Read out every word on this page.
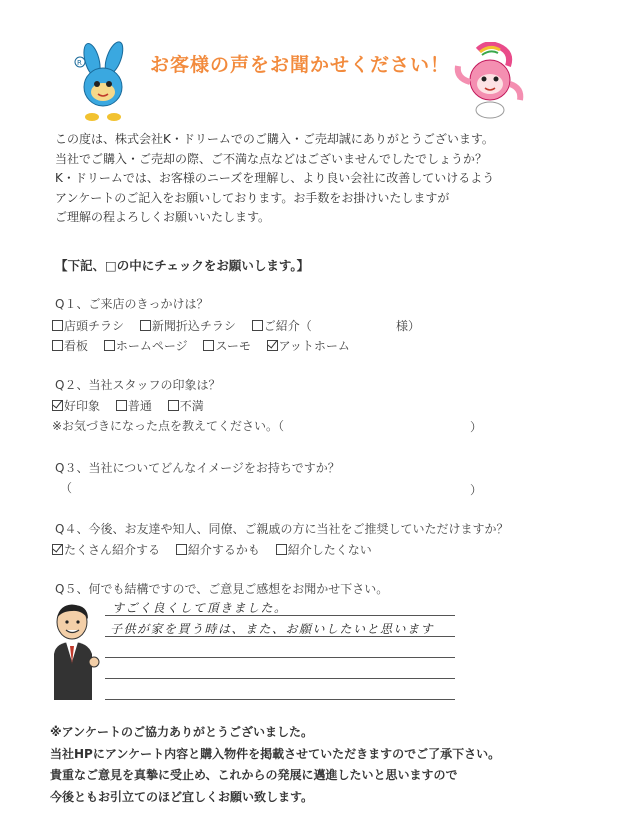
R	お客様の声をお聞かせください！
この度は、株式会社K・ドリームでのご購入・ご売却誠にありがとうございます。
当社でご購入・ご売却の際、ご不満な点などはございませんでしたでしょうか？
K・ドリームでは、お客様のニーズを理解し、より良い会社に改善していけるよう
アンケートのご記入をお願いしております。お手数をお掛けいたしますが
ご理解の程よろしくお願いいたします。
【下記、□の中にチェックをお願いします。】
Q１、ご来店のきっかけは？
店頭チラシ 新聞折込チラシ ご紹介（	様）
看板 ホームページ スーモ アットホーム
Q２、当社スタッフの印象は？
好印象 普通 不満
※お気づきになった点を教えてください。（	）
Q３、当社についてどんなイメージをお持ちですか？
（	）
Q４、今後、お友達や知人、同僚、ご親戚の方に当社をご推奨していただけますか？
たくさん紹介する 紹介するかも 紹介したくない
Q５、何でも結構ですので、ご意見ご感想をお聞かせ下さい。
すごく良くして頂きました。
子供が家を買う時は、また、お願いしたいと思います
※アンケートのご協力ありがとうございました。
当社HPにアンケート内容と購入物件を掲載させていただきますのでご了承下さい。
貴重なご意見を真摯に受止め、これからの発展に邁進したいと思いますので
今後ともお引立てのほど宜しくお願い致します。
